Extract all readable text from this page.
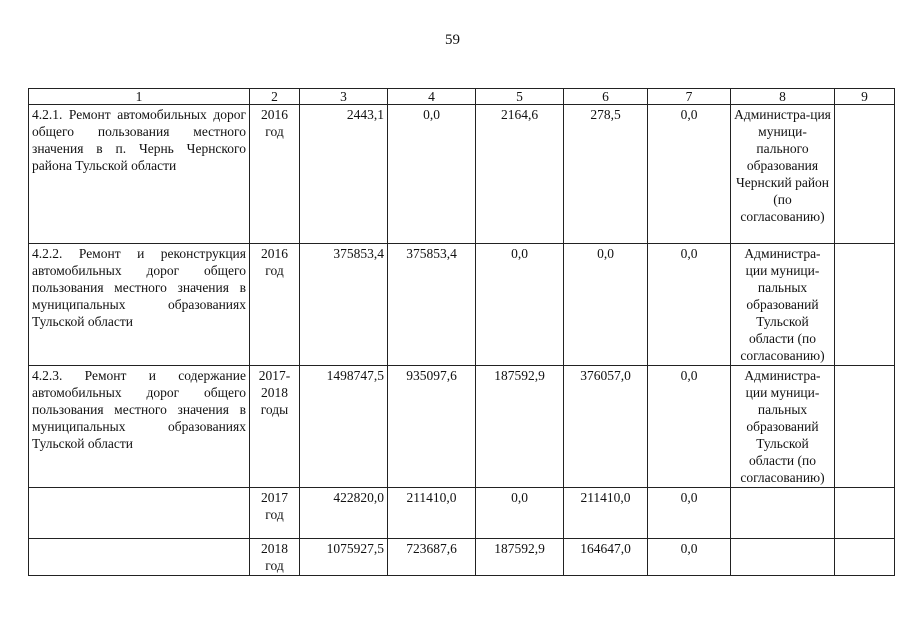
59
1	2	3	4	5	6	7	8	9
4.2.1. Ремонт автомобильных дорог общего пользования местного значения в п. Чернь Чернского района Тульской области	2016 год	2443,1	0,0	2164,6	278,5	0,0	Администра-ция муници-пального образования Чернский район (по согласованию)	
4.2.2. Ремонт и реконструкция автомобильных дорог общего пользования местного значения в муниципальных образованиях Тульской области	2016 год	375853,4	375853,4	0,0	0,0	0,0	Администра-ции муници-пальных образований Тульской области (по согласованию)	
4.2.3. Ремонт и содержание автомобильных дорог общего пользования местного значения в муниципальных образованиях Тульской области	2017-2018 годы	1498747,5	935097,6	187592,9	376057,0	0,0	Администра-ции муници-пальных образований Тульской области (по согласованию)	
	2017 год	422820,0	211410,0	0,0	211410,0	0,0		
	2018 год	1075927,5	723687,6	187592,9	164647,0	0,0		
